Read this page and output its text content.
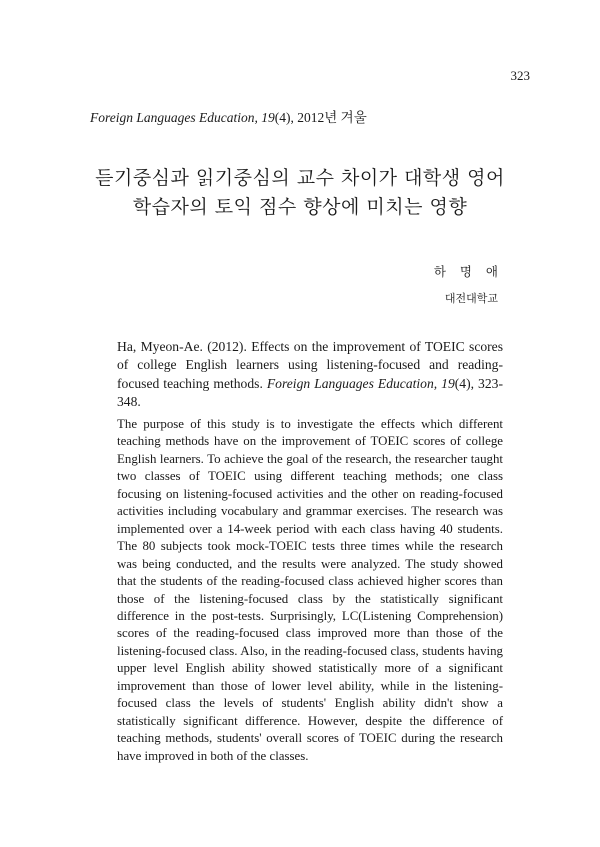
323
Foreign Languages Education, 19(4), 2012년 겨울
듣기중심과 읽기중심의 교수 차이가 대학생 영어
학습자의 토익 점수 향상에 미치는 영향
하 명 애
대전대학교
Ha, Myeon-Ae. (2012). Effects on the improvement of TOEIC scores of college English learners using listening-focused and reading-focused teaching methods. Foreign Languages Education, 19(4), 323-348.

The purpose of this study is to investigate the effects which different teaching methods have on the improvement of TOEIC scores of college English learners. To achieve the goal of the research, the researcher taught two classes of TOEIC using different teaching methods; one class focusing on listening-focused activities and the other on reading-focused activities including vocabulary and grammar exercises. The research was implemented over a 14-week period with each class having 40 students. The 80 subjects took mock-TOEIC tests three times while the research was being conducted, and the results were analyzed. The study showed that the students of the reading-focused class achieved higher scores than those of the listening-focused class by the statistically significant difference in the post-tests. Surprisingly, LC(Listening Comprehension) scores of the reading-focused class improved more than those of the listening-focused class. Also, in the reading-focused class, students having upper level English ability showed statistically more of a significant improvement than those of lower level ability, while in the listening-focused class the levels of students' English ability didn't show a statistically significant difference. However, despite the difference of teaching methods, students' overall scores of TOEIC during the research have improved in both of the classes.
